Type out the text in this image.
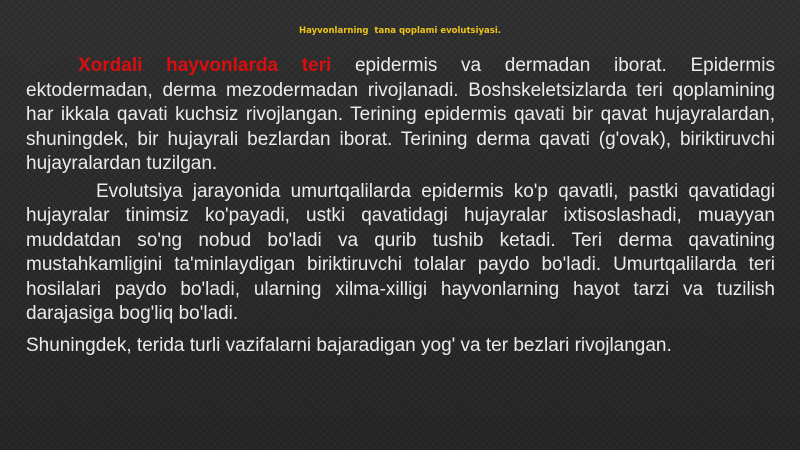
Hayvonlarning  tana qoplami evolutsiyasi.

Xordali hayvonlarda teri epidermis va dermadan iborat. Epidermis ektodermadan, derma mezodermadan rivojlanadi. Boshskeletsizlarda teri qoplamining har ikkala qavati kuchsiz rivojlangan. Terining epidermis qavati bir qavat hujayralardan, shuningdek, bir hujayrali bezlardan iborat. Terining derma qavati (g'ovak), biriktiruvchi hujayralardan tuzilgan.

Evolutsiya jarayonida umurtqalilarda epidermis ko'p qavatli, pastki qavatidagi hujayralar tinimsiz ko'payadi, ustki qavatidagi hujayralar ixtisoslashadi, muayyan muddatdan so'ng nobud bo'ladi va qurib tushib ketadi. Teri derma qavatining mustahkamligini ta'minlaydigan biriktiruvchi tolalar paydo bo'ladi. Umurtqalilarda teri hosilalari paydo bo'ladi, ularning xilma-xilligi hayvonlarning hayot tarzi va tuzilish darajasiga bog'liq bo'ladi.

Shuningdek, terida turli vazifalarni bajaradigan yog' va ter bezlari rivojlangan.
